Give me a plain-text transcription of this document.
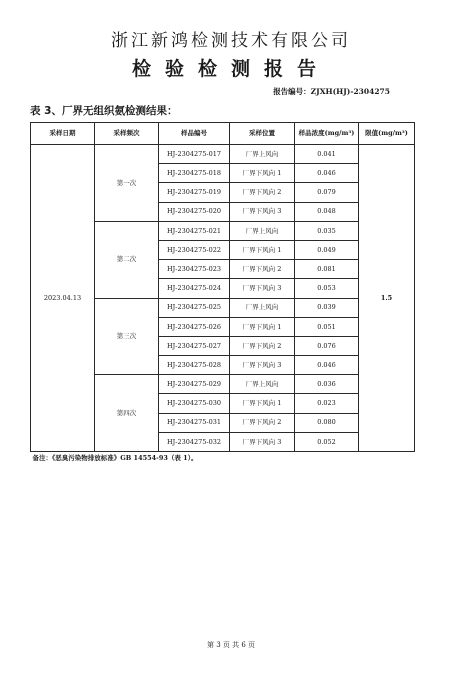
浙江新鸿检测技术有限公司
检验检测报告
报告编号：ZJXH(HJ)-2304275
表 3、厂界无组织氨检测结果：
采样日期	采样频次	样品编号	采样位置	样品浓度(mg/m³)	限值(mg/m³)
2023.04.13	第一次	HJ-2304275-017	厂界上风向	0.041	1.5
		HJ-2304275-018	厂界下风向 1	0.046	
		HJ-2304275-019	厂界下风向 2	0.079	
		HJ-2304275-020	厂界下风向 3	0.048	
	第二次	HJ-2304275-021	厂界上风向	0.035	
		HJ-2304275-022	厂界下风向 1	0.049	
		HJ-2304275-023	厂界下风向 2	0.081	
		HJ-2304275-024	厂界下风向 3	0.053	
	第三次	HJ-2304275-025	厂界上风向	0.039	
		HJ-2304275-026	厂界下风向 1	0.051	
		HJ-2304275-027	厂界下风向 2	0.076	
		HJ-2304275-028	厂界下风向 3	0.046	
	第四次	HJ-2304275-029	厂界上风向	0.036	
		HJ-2304275-030	厂界下风向 1	0.023	
		HJ-2304275-031	厂界下风向 2	0.080	
		HJ-2304275-032	厂界下风向 3	0.052	
备注：《恶臭污染物排放标准》GB 14554-93（表 1）。					
第 3 页 共 6 页
